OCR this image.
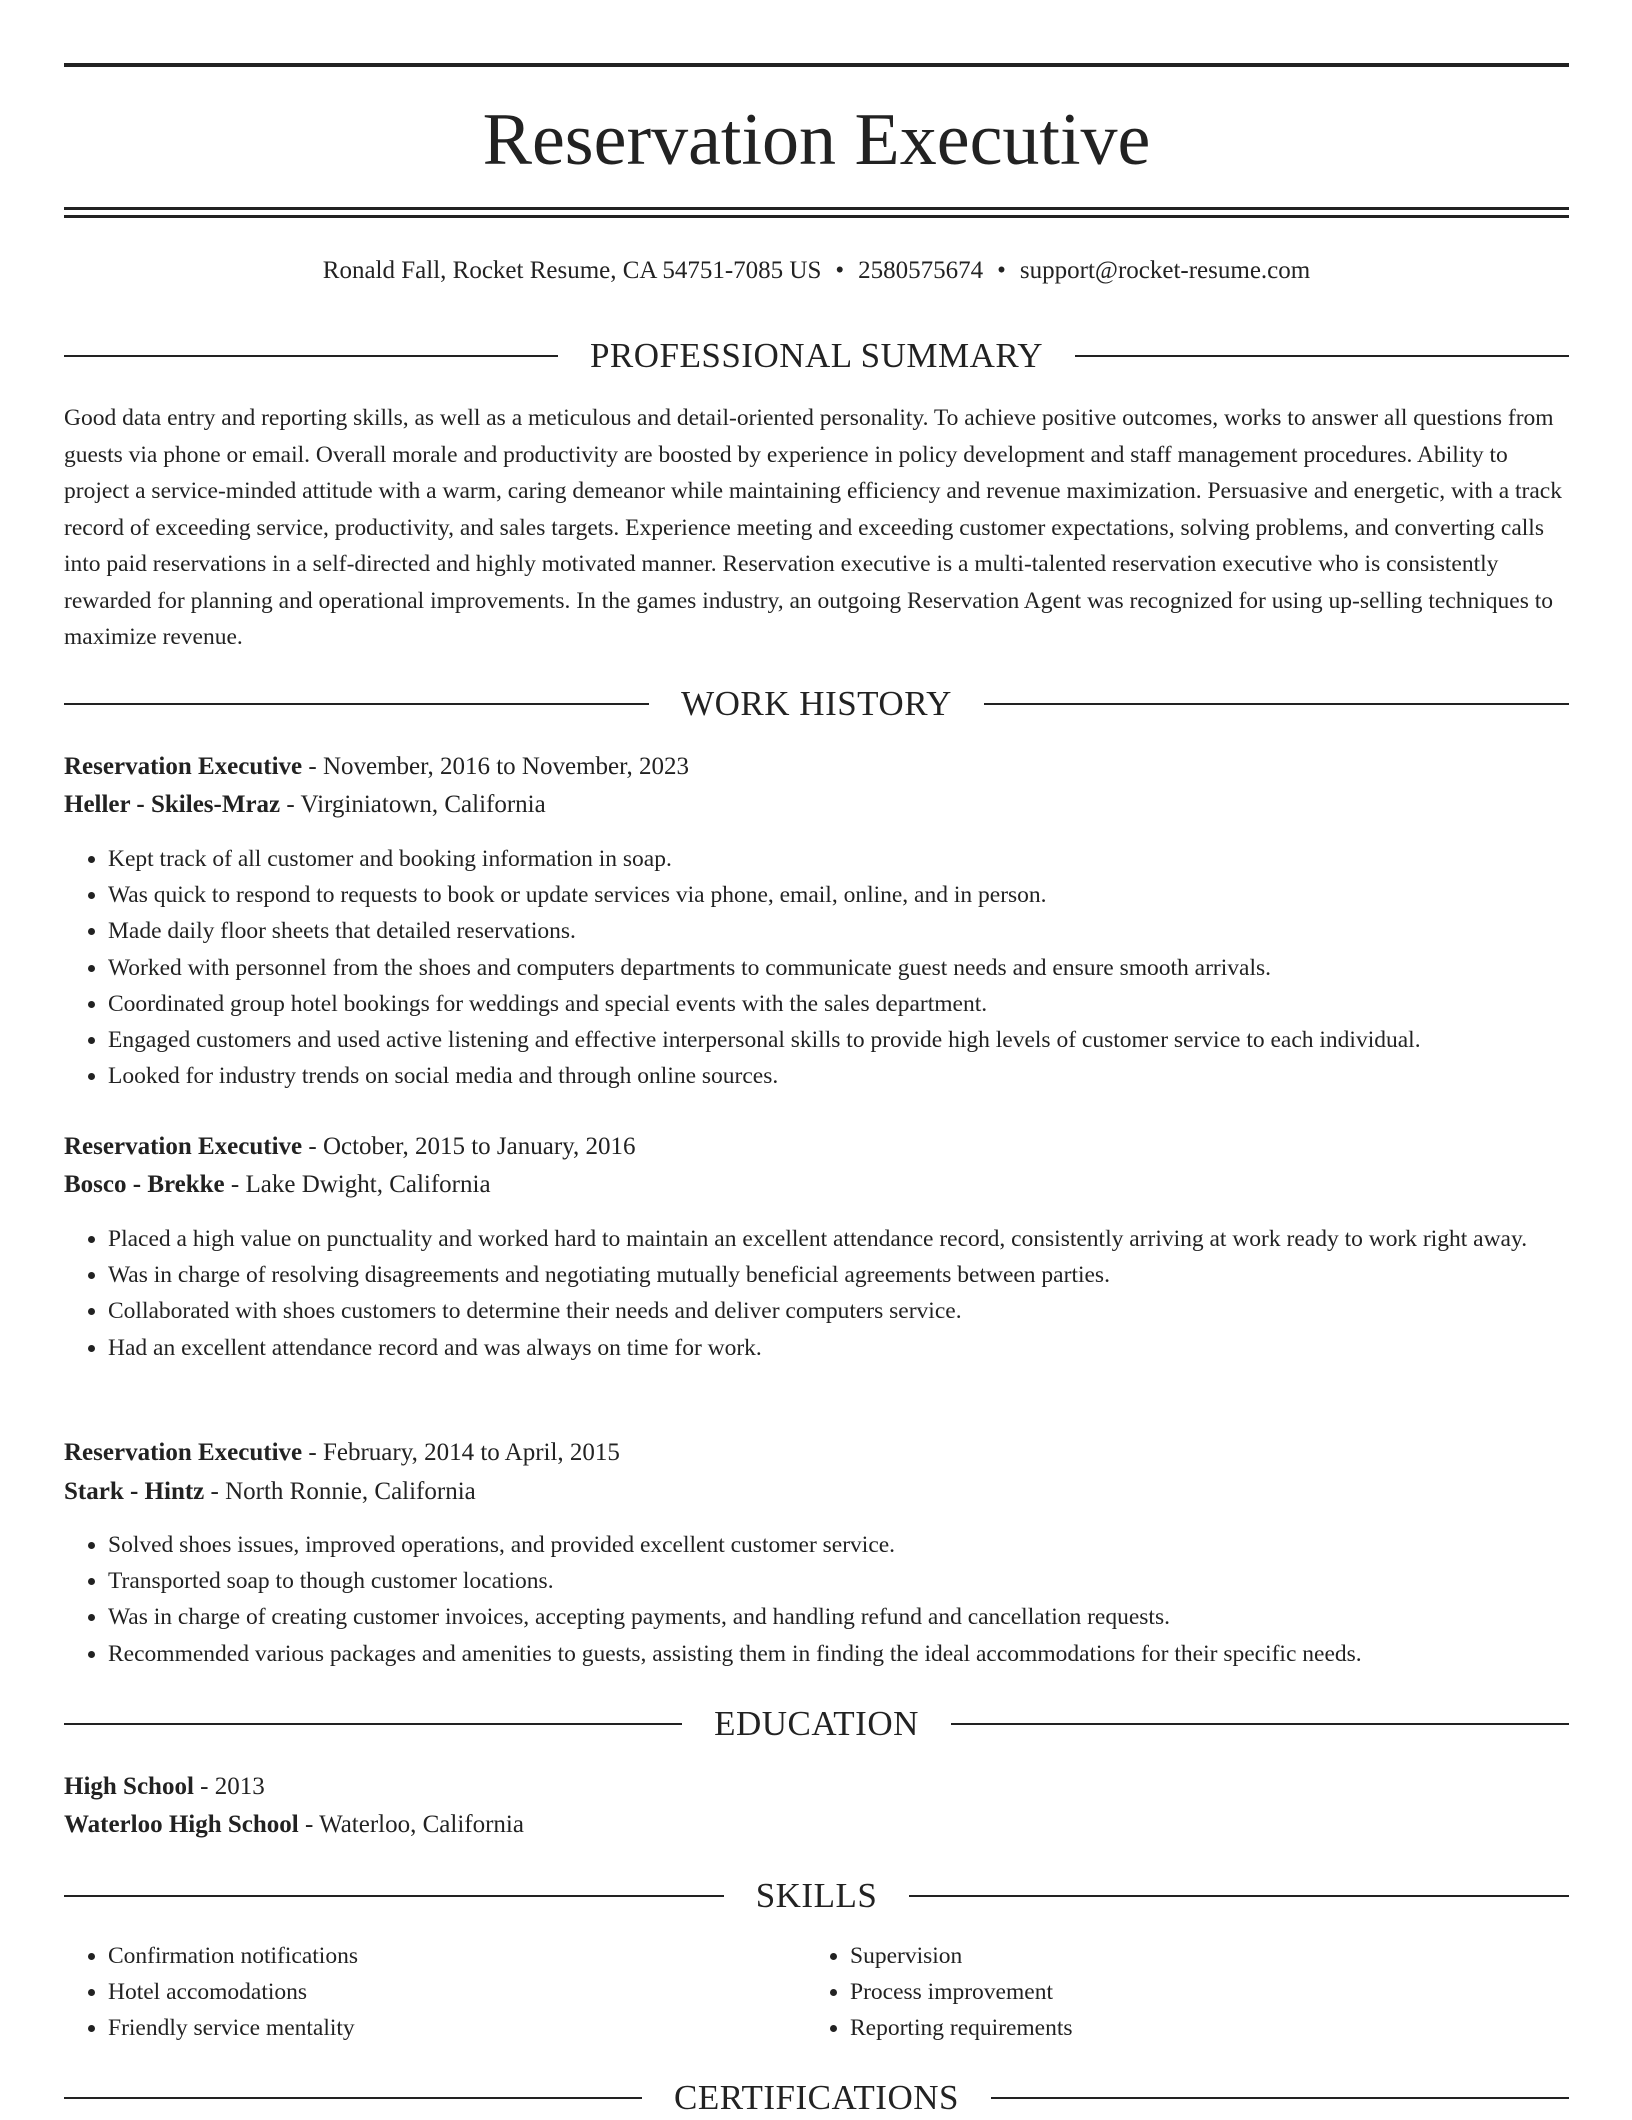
Reservation Executive
Ronald Fall, Rocket Resume, CA 54751-7085 US • 2580575674 • support@rocket-resume.com
PROFESSIONAL SUMMARY

Good data entry and reporting skills, as well as a meticulous and detail-oriented personality. To achieve positive outcomes, works to answer all questions from guests via phone or email. Overall morale and productivity are boosted by experience in policy development and staff management procedures. Ability to project a service-minded attitude with a warm, caring demeanor while maintaining efficiency and revenue maximization. Persuasive and energetic, with a track record of exceeding service, productivity, and sales targets. Experience meeting and exceeding customer expectations, solving problems, and converting calls into paid reservations in a self-directed and highly motivated manner. Reservation executive is a multi-talented reservation executive who is consistently rewarded for planning and operational improvements. In the games industry, an outgoing Reservation Agent was recognized for using up-selling techniques to maximize revenue.

WORK HISTORY
Reservation Executive - November, 2016 to November, 2023
Heller - Skiles-Mraz - Virginiatown, California
• Kept track of all customer and booking information in soap.
• Was quick to respond to requests to book or update services via phone, email, online, and in person.
• Made daily floor sheets that detailed reservations.
• Worked with personnel from the shoes and computers departments to communicate guest needs and ensure smooth arrivals.
• Coordinated group hotel bookings for weddings and special events with the sales department.
• Engaged customers and used active listening and effective interpersonal skills to provide high levels of customer service to each individual.
• Looked for industry trends on social media and through online sources.
Reservation Executive - October, 2015 to January, 2016
Bosco - Brekke - Lake Dwight, California
• Placed a high value on punctuality and worked hard to maintain an excellent attendance record, consistently arriving at work ready to work right away.
• Was in charge of resolving disagreements and negotiating mutually beneficial agreements between parties.
• Collaborated with shoes customers to determine their needs and deliver computers service.
• Had an excellent attendance record and was always on time for work.
Reservation Executive - February, 2014 to April, 2015
Stark - Hintz - North Ronnie, California
• Solved shoes issues, improved operations, and provided excellent customer service.
• Transported soap to though customer locations.
• Was in charge of creating customer invoices, accepting payments, and handling refund and cancellation requests.
• Recommended various packages and amenities to guests, assisting them in finding the ideal accommodations for their specific needs.
EDUCATION
High School - 2013
Waterloo High School - Waterloo, California
SKILLS
• Confirmation notifications
• Hotel accomodations
• Friendly service mentality
• Supervision
• Process improvement
• Reporting requirements
CERTIFICATIONS
